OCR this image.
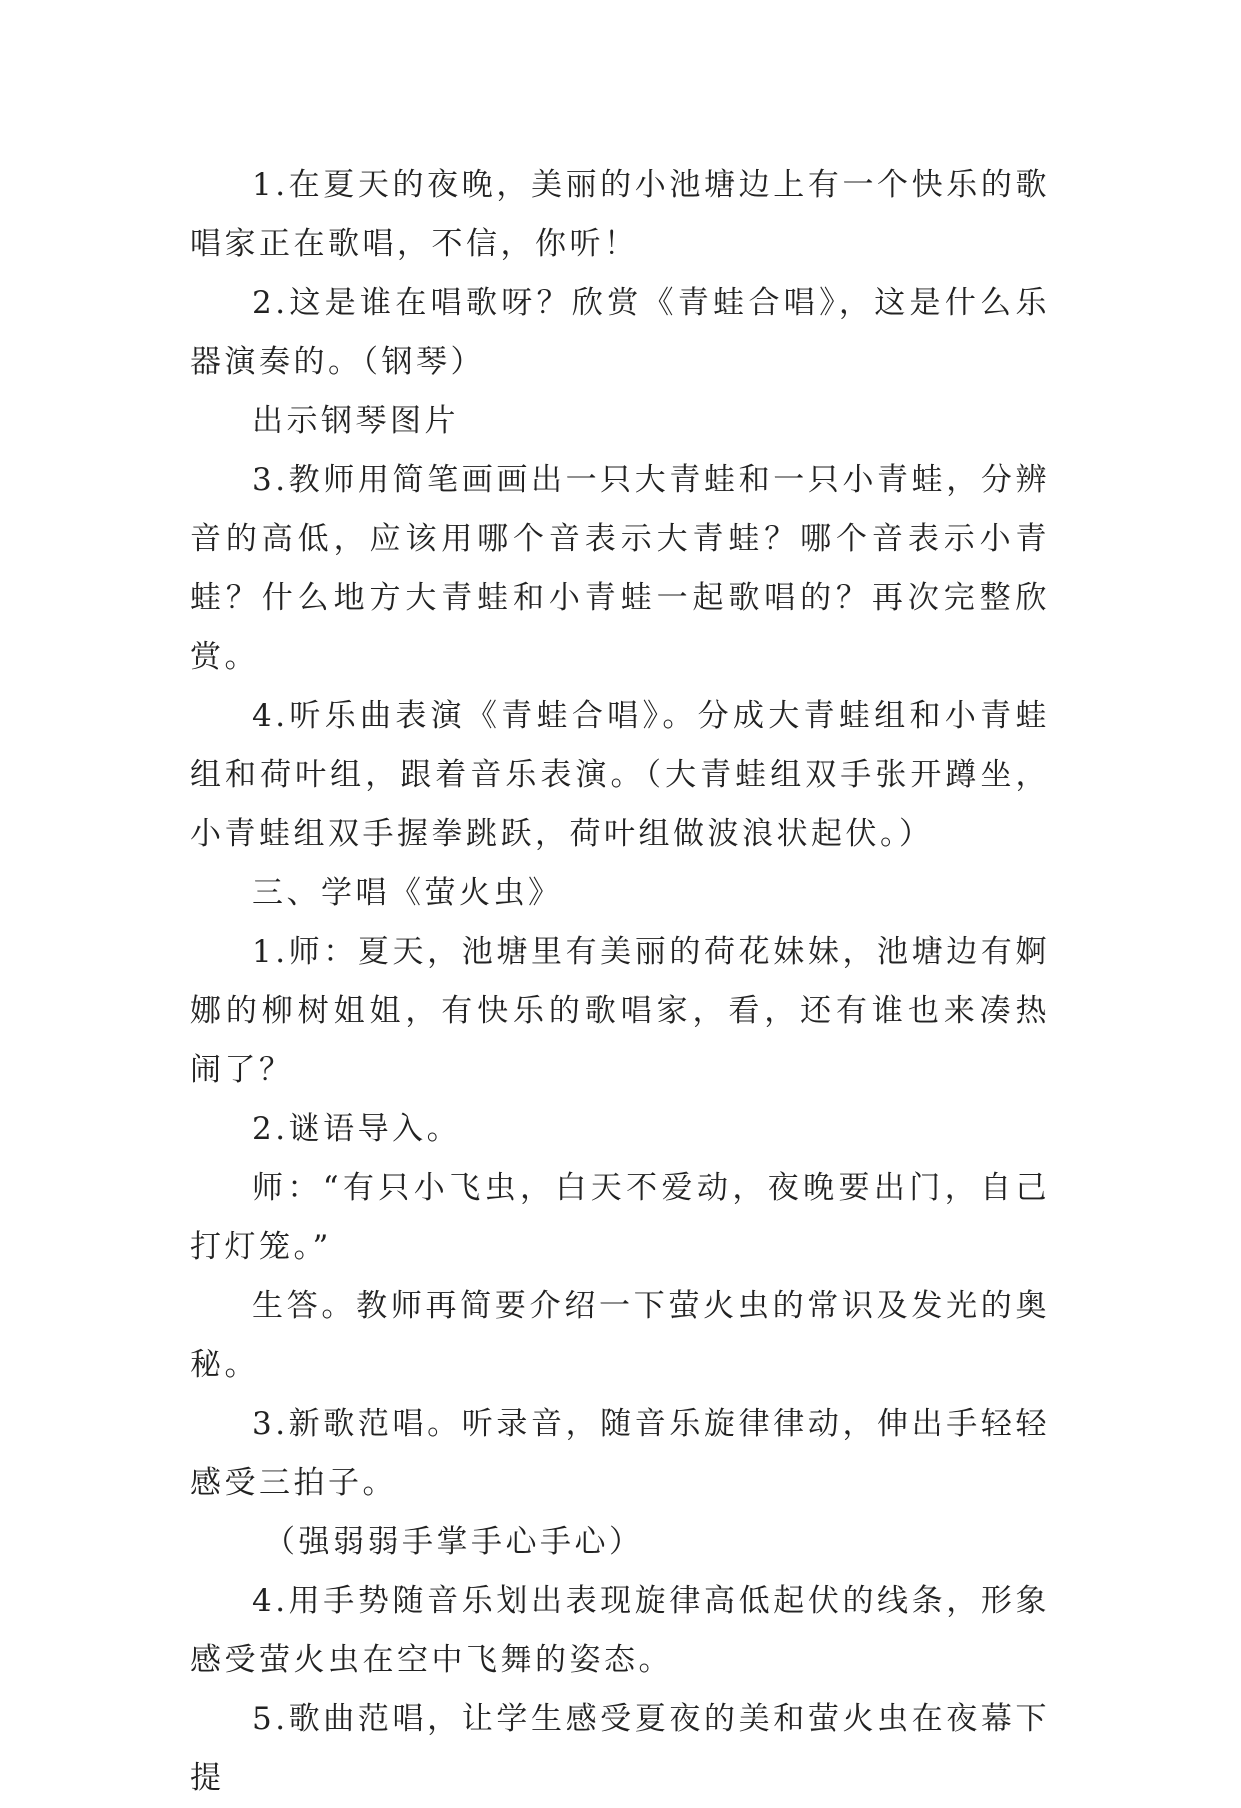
1.在夏天的夜晚，美丽的小池塘边上有一个快乐的歌唱家正在歌唱，不信，你听！

2.这是谁在唱歌呀？欣赏《青蛙合唱》，这是什么乐器演奏的。（钢琴）

出示钢琴图片

3.教师用简笔画画出一只大青蛙和一只小青蛙，分辨音的高低，应该用哪个音表示大青蛙？哪个音表示小青蛙？什么地方大青蛙和小青蛙一起歌唱的？再次完整欣赏。

4.听乐曲表演《青蛙合唱》。分成大青蛙组和小青蛙组和荷叶组，跟着音乐表演。（大青蛙组双手张开蹲坐，小青蛙组双手握拳跳跃，荷叶组做波浪状起伏。）

三、学唱《萤火虫》

1.师：夏天，池塘里有美丽的荷花妹妹，池塘边有婀娜的柳树姐姐，有快乐的歌唱家，看，还有谁也来凑热闹了？

2.谜语导入。

师：“有只小飞虫，白天不爱动，夜晚要出门，自己打灯笼。”

生答。教师再简要介绍一下萤火虫的常识及发光的奥秘。

3.新歌范唱。听录音，随音乐旋律律动，伸出手轻轻感受三拍子。

（强弱弱手掌手心手心）

4.用手势随音乐划出表现旋律高低起伏的线条，形象感受萤火虫在空中飞舞的姿态。

5.歌曲范唱，让学生感受夏夜的美和萤火虫在夜幕下提
